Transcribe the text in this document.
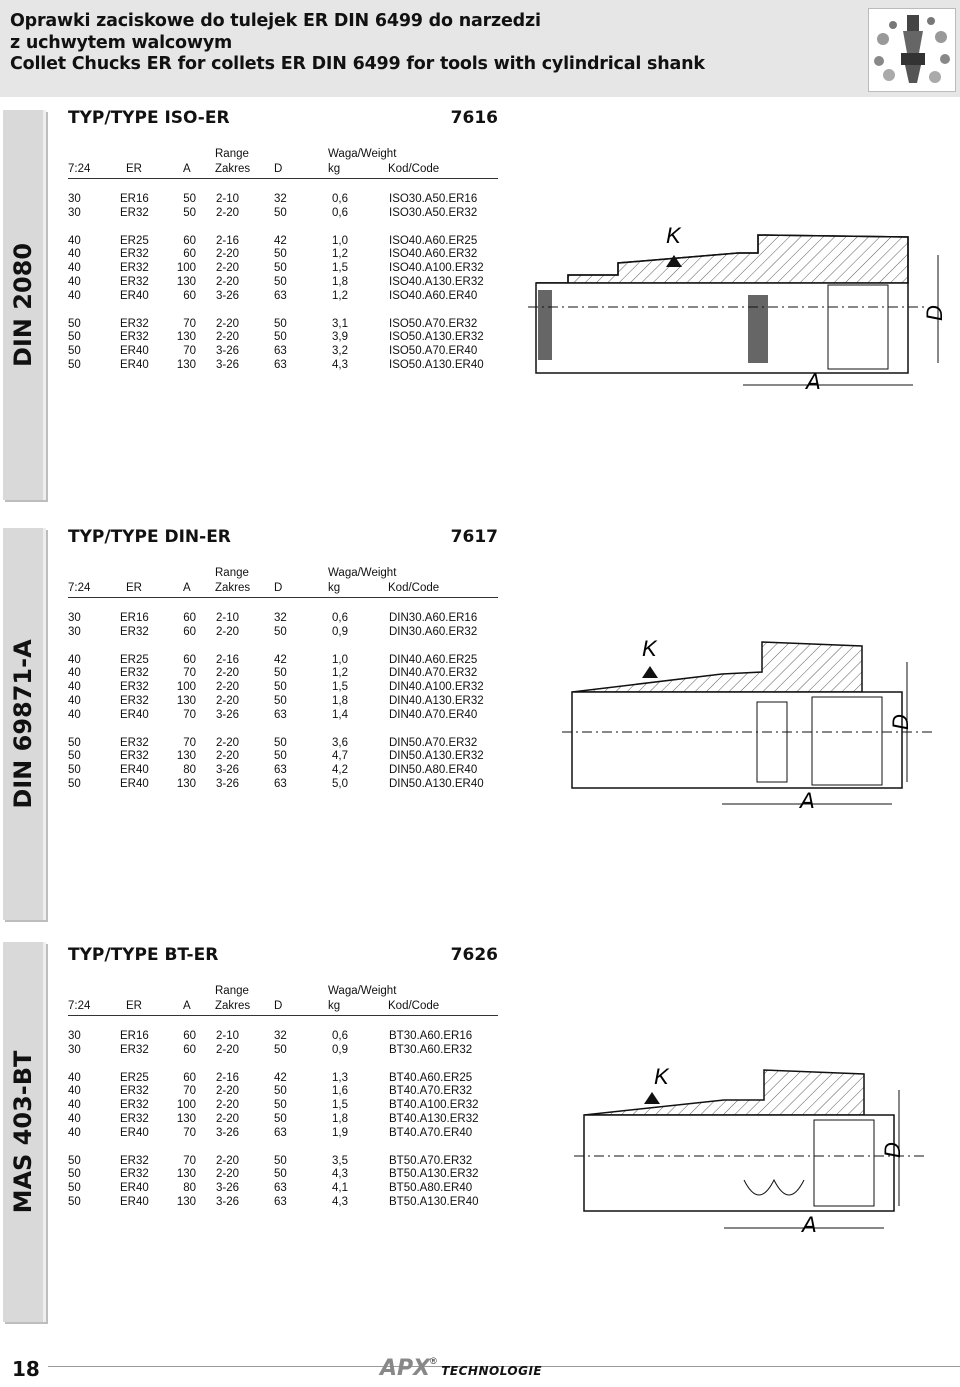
Oprawki zaciskowe do tulejek ER DIN 6499 do narzedzi
z uchwytem walcowym
Collet Chucks ER for collets ER DIN 6499 for tools with cylindrical shank
DIN 2080
DIN 69871-A
MAS 403-BT
TYP/TYPE ISO-ER	7616
Range	Waga/Weight
7:24	ER	A Zakres D	kg	Kod/Code
30	ER16	50 2-10	32	0,6	ISO30.A50.ER16
30	ER32	50 2-20	50	0,6	ISO30.A50.ER32
40	ER25	60 2-16	42	1,0	ISO40.A60.ER25
40	ER32	60 2-20	50	1,2	ISO40.A60.ER32
40	ER32 100 2-20	50	1,5	ISO40.A100.ER32
40	ER32 130 2-20	50	1,8	ISO40.A130.ER32
40	ER40	60 3-26	63	1,2	ISO40.A60.ER40
50	ER32	70 2-20	50	3,1	ISO50.A70.ER32
50	ER32 130 2-20	50	3,9	ISO50.A130.ER32
50	ER40	70 3-26	63	3,2	ISO50.A70.ER40
50	ER40 130 3-26	63	4,3	ISO50.A130.ER40
TYP/TYPE DIN-ER	7617
Range	Waga/Weight
7:24	ER	A Zakres D	kg	Kod/Code
30	ER16	60 2-10	32	0,6	DIN30.A60.ER16
30	ER32	60 2-20	50	0,9	DIN30.A60.ER32
40	ER25	60 2-16	42	1,0	DIN40.A60.ER25
40	ER32	70 2-20	50	1,2	DIN40.A70.ER32
40	ER32 100 2-20	50	1,5	DIN40.A100.ER32
40	ER32 130 2-20	50	1,8	DIN40.A130.ER32
40	ER40	70 3-26	63	1,4	DIN40.A70.ER40
50	ER32	70 2-20	50	3,6	DIN50.A70.ER32
50	ER32 130 2-20	50	4,7	DIN50.A130.ER32
50	ER40	80 3-26	63	4,2	DIN50.A80.ER40
50	ER40 130 3-26	63	5,0	DIN50.A130.ER40
TYP/TYPE BT-ER	7626
Range	Waga/Weight
7:24	ER	A Zakres D	kg	Kod/Code
30	ER16	60 2-10	32	0,6	BT30.A60.ER16
30	ER32	60 2-20	50	0,9	BT30.A60.ER32
40	ER25	60 2-16	42	1,3	BT40.A60.ER25
40	ER32	70 2-20	50	1,6	BT40.A70.ER32
40	ER32 100 2-20	50	1,5	BT40.A100.ER32
40	ER32 130 2-20	50	1,8	BT40.A130.ER32
40	ER40	70 3-26	63	1,9	BT40.A70.ER40
50	ER32	70 2-20	50	3,5	BT50.A70.ER32
50	ER32 130 2-20	50	4,3	BT50.A130.ER32
50	ER40	80 3-26	63	4,1	BT50.A80.ER40
50	ER40 130 3-26	63	4,3	BT50.A130.ER40
K
A
D
K
A
D
K
A
D
18	APX® TECHNOLOGIE
